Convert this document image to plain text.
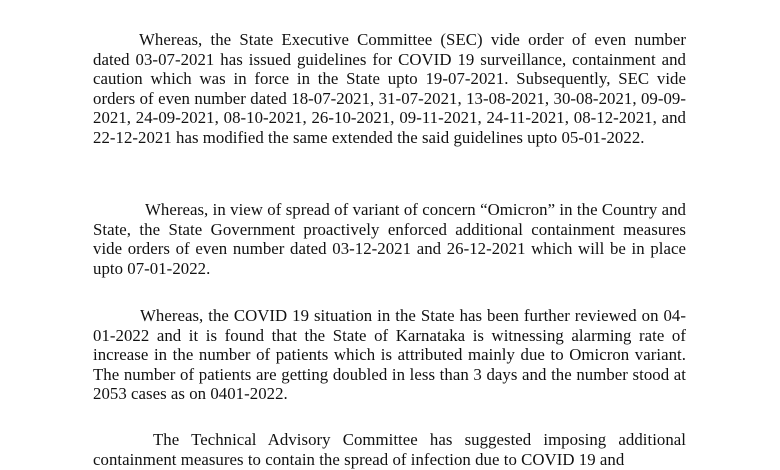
Whereas, the State Executive Committee (SEC) vide order of even number dated 03-07-2021 has issued guidelines for COVID 19 surveillance, containment and caution which was in force in the State upto 19-07-2021. Subsequently, SEC vide orders of even number dated 18-07-2021, 31-07-2021, 13-08-2021, 30-08-2021, 09-09-2021, 24-09-2021, 08-10-2021, 26-10-2021, 09-11-2021, 24-11-2021, 08-12-2021, and 22-12-2021 has modified the same extended the said guidelines upto 05-01-2022.

Whereas, in view of spread of variant of concern “Omicron” in the Country and State, the State Government proactively enforced additional containment measures vide orders of even number dated 03-12-2021 and 26-12-2021 which will be in place upto 07-01-2022.

Whereas, the COVID 19 situation in the State has been further reviewed on 04-01-2022 and it is found that the State of Karnataka is witnessing alarming rate of increase in the number of patients which is attributed mainly due to Omicron variant. The number of patients are getting doubled in less than 3 days and the number stood at 2053 cases as on 0401-2022.

The Technical Advisory Committee has suggested imposing additional containment measures to contain the spread of infection due to COVID 19 and
